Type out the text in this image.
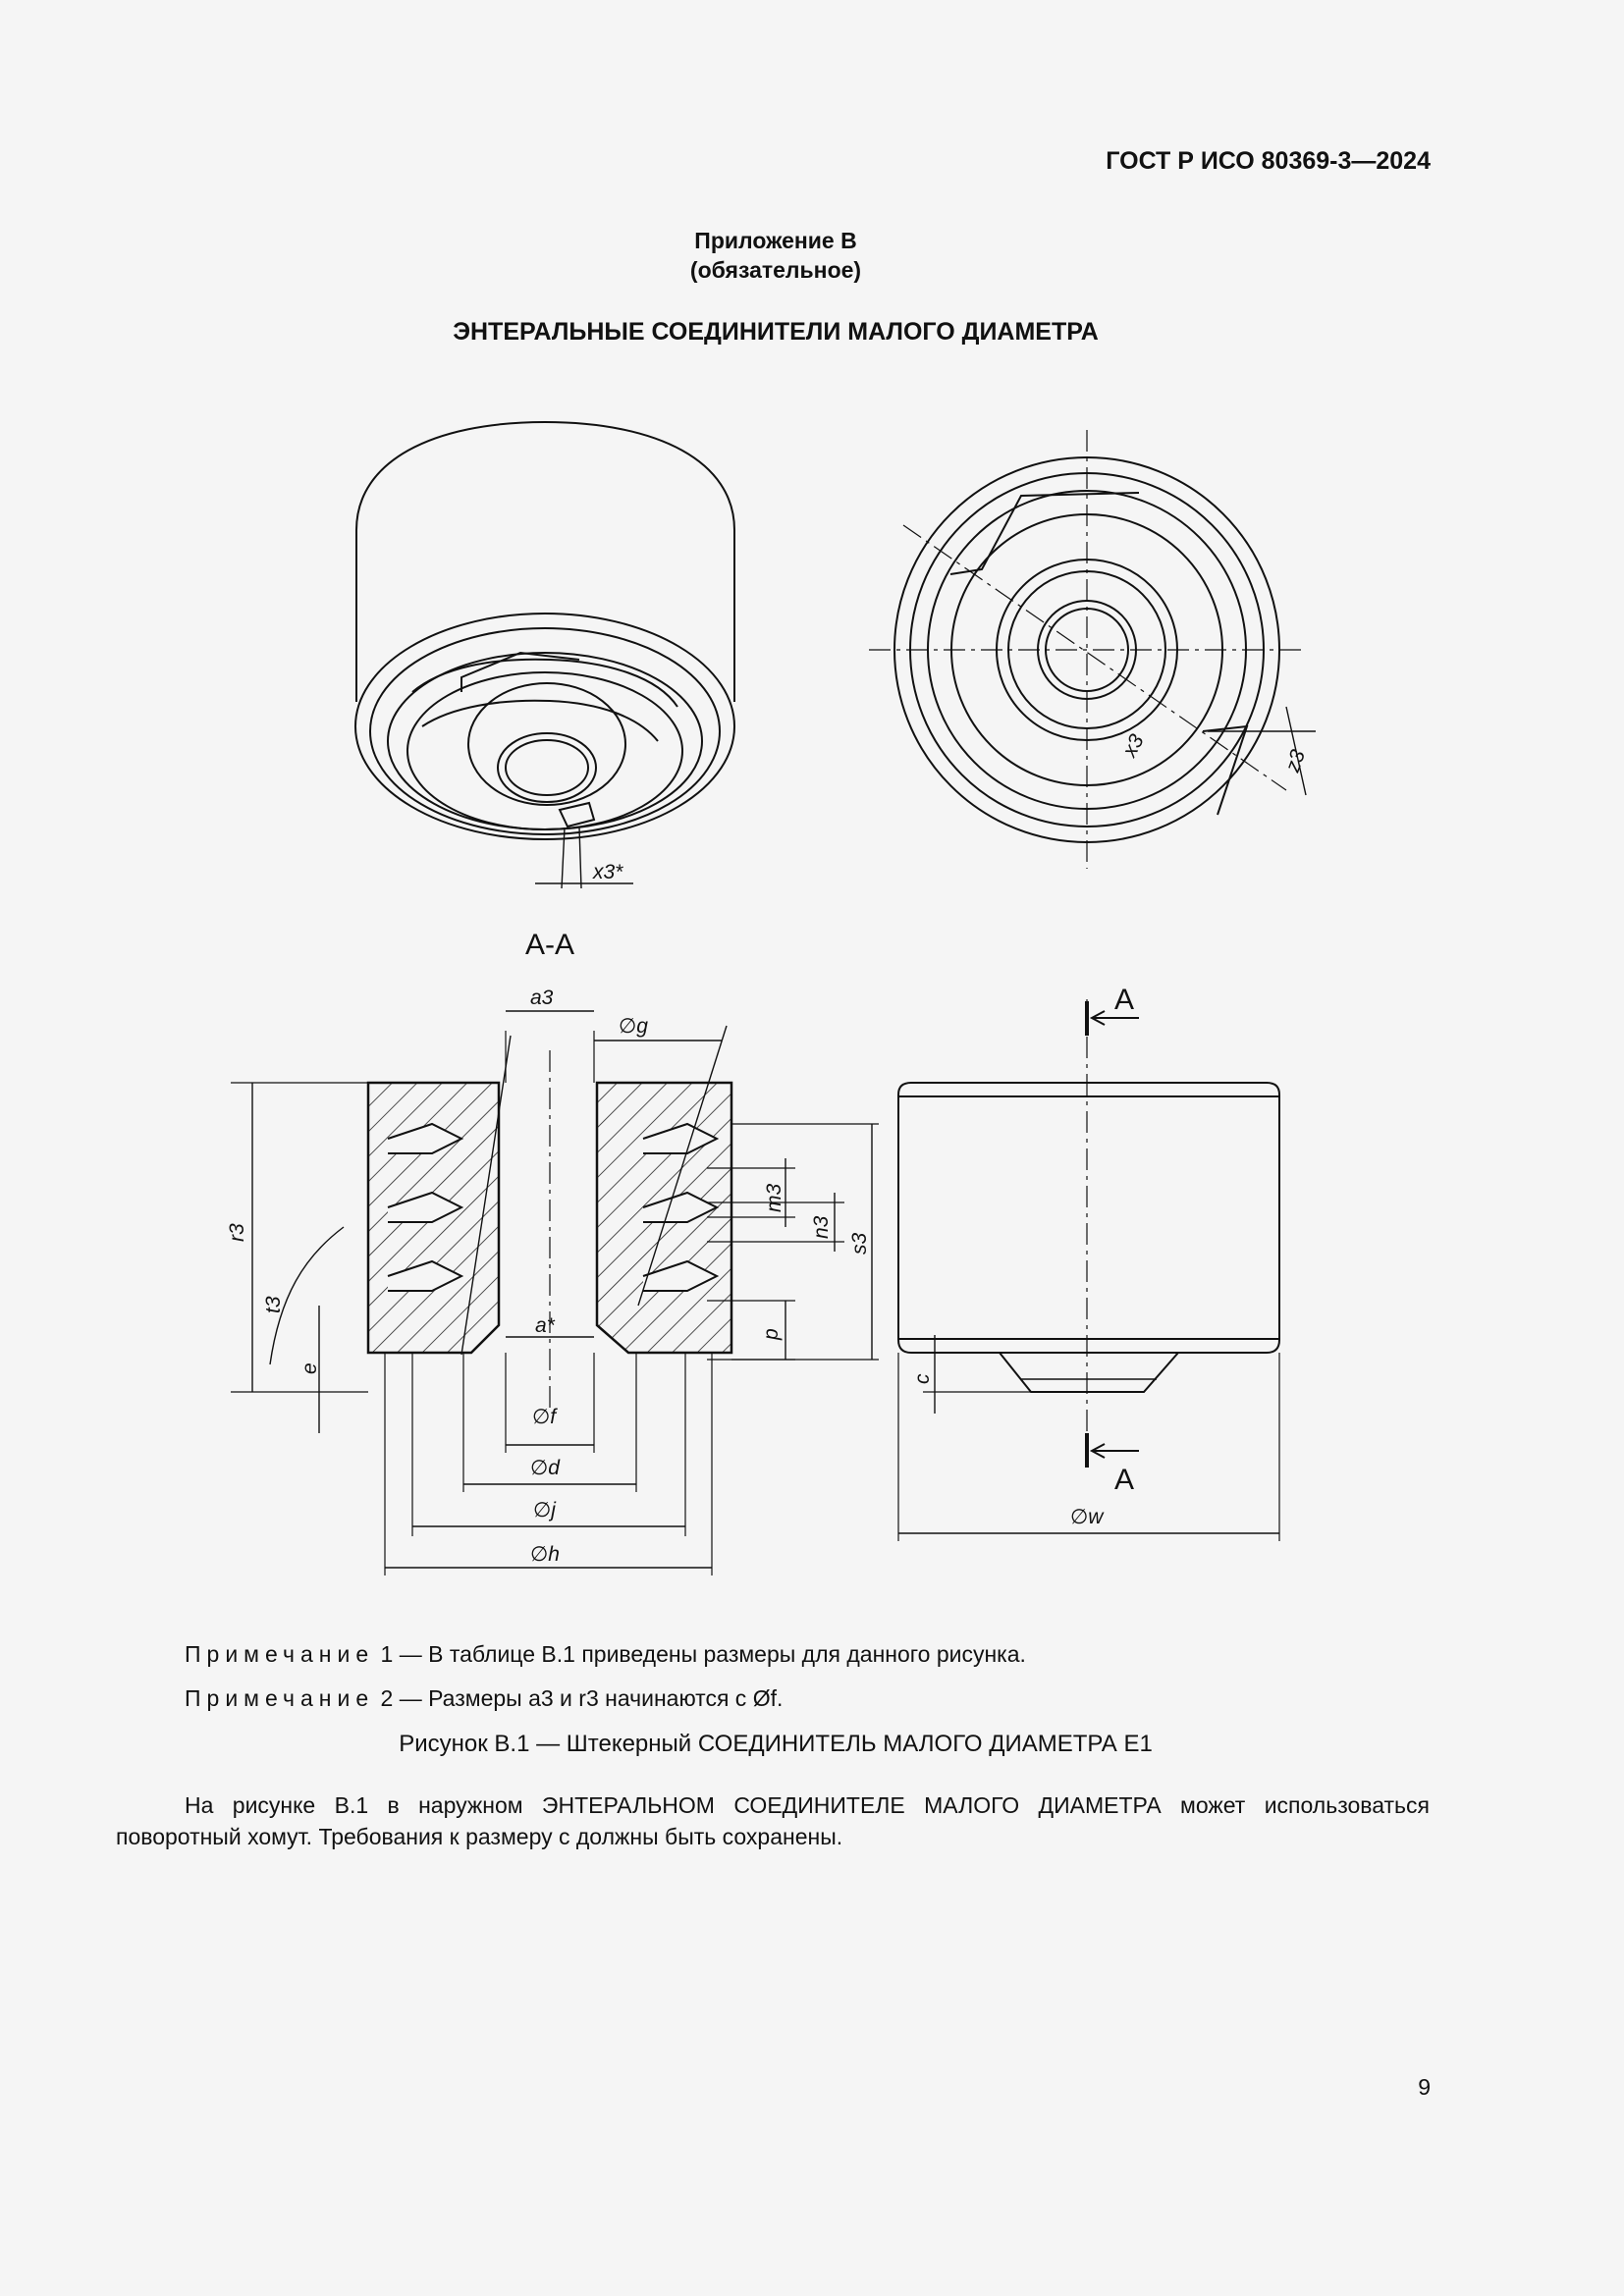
ГОСТ Р ИСО 80369-3—2024
Приложение В
(обязательное)
ЭНТЕРАЛЬНЫЕ СОЕДИНИТЕЛИ МАЛОГО ДИАМЕТРА
x3*
x3
z3
A-A
a3
∅g
r3
t3
e
a*
m3
n3
s3
p
∅f
∅d
∅j
∅h
A
A
c
∅w
Примечание 1 — В таблице В.1 приведены размеры для данного рисунка.
Примечание 2 — Размеры a3 и r3 начинаются с Øf.
Рисунок В.1 — Штекерный СОЕДИНИТЕЛЬ МАЛОГО ДИАМЕТРА E1
На рисунке В.1 в наружном ЭНТЕРАЛЬНОМ СОЕДИНИТЕЛЕ МАЛОГО ДИАМЕТРА может использоваться поворотный хомут. Требования к размеру c должны быть сохранены.
9
